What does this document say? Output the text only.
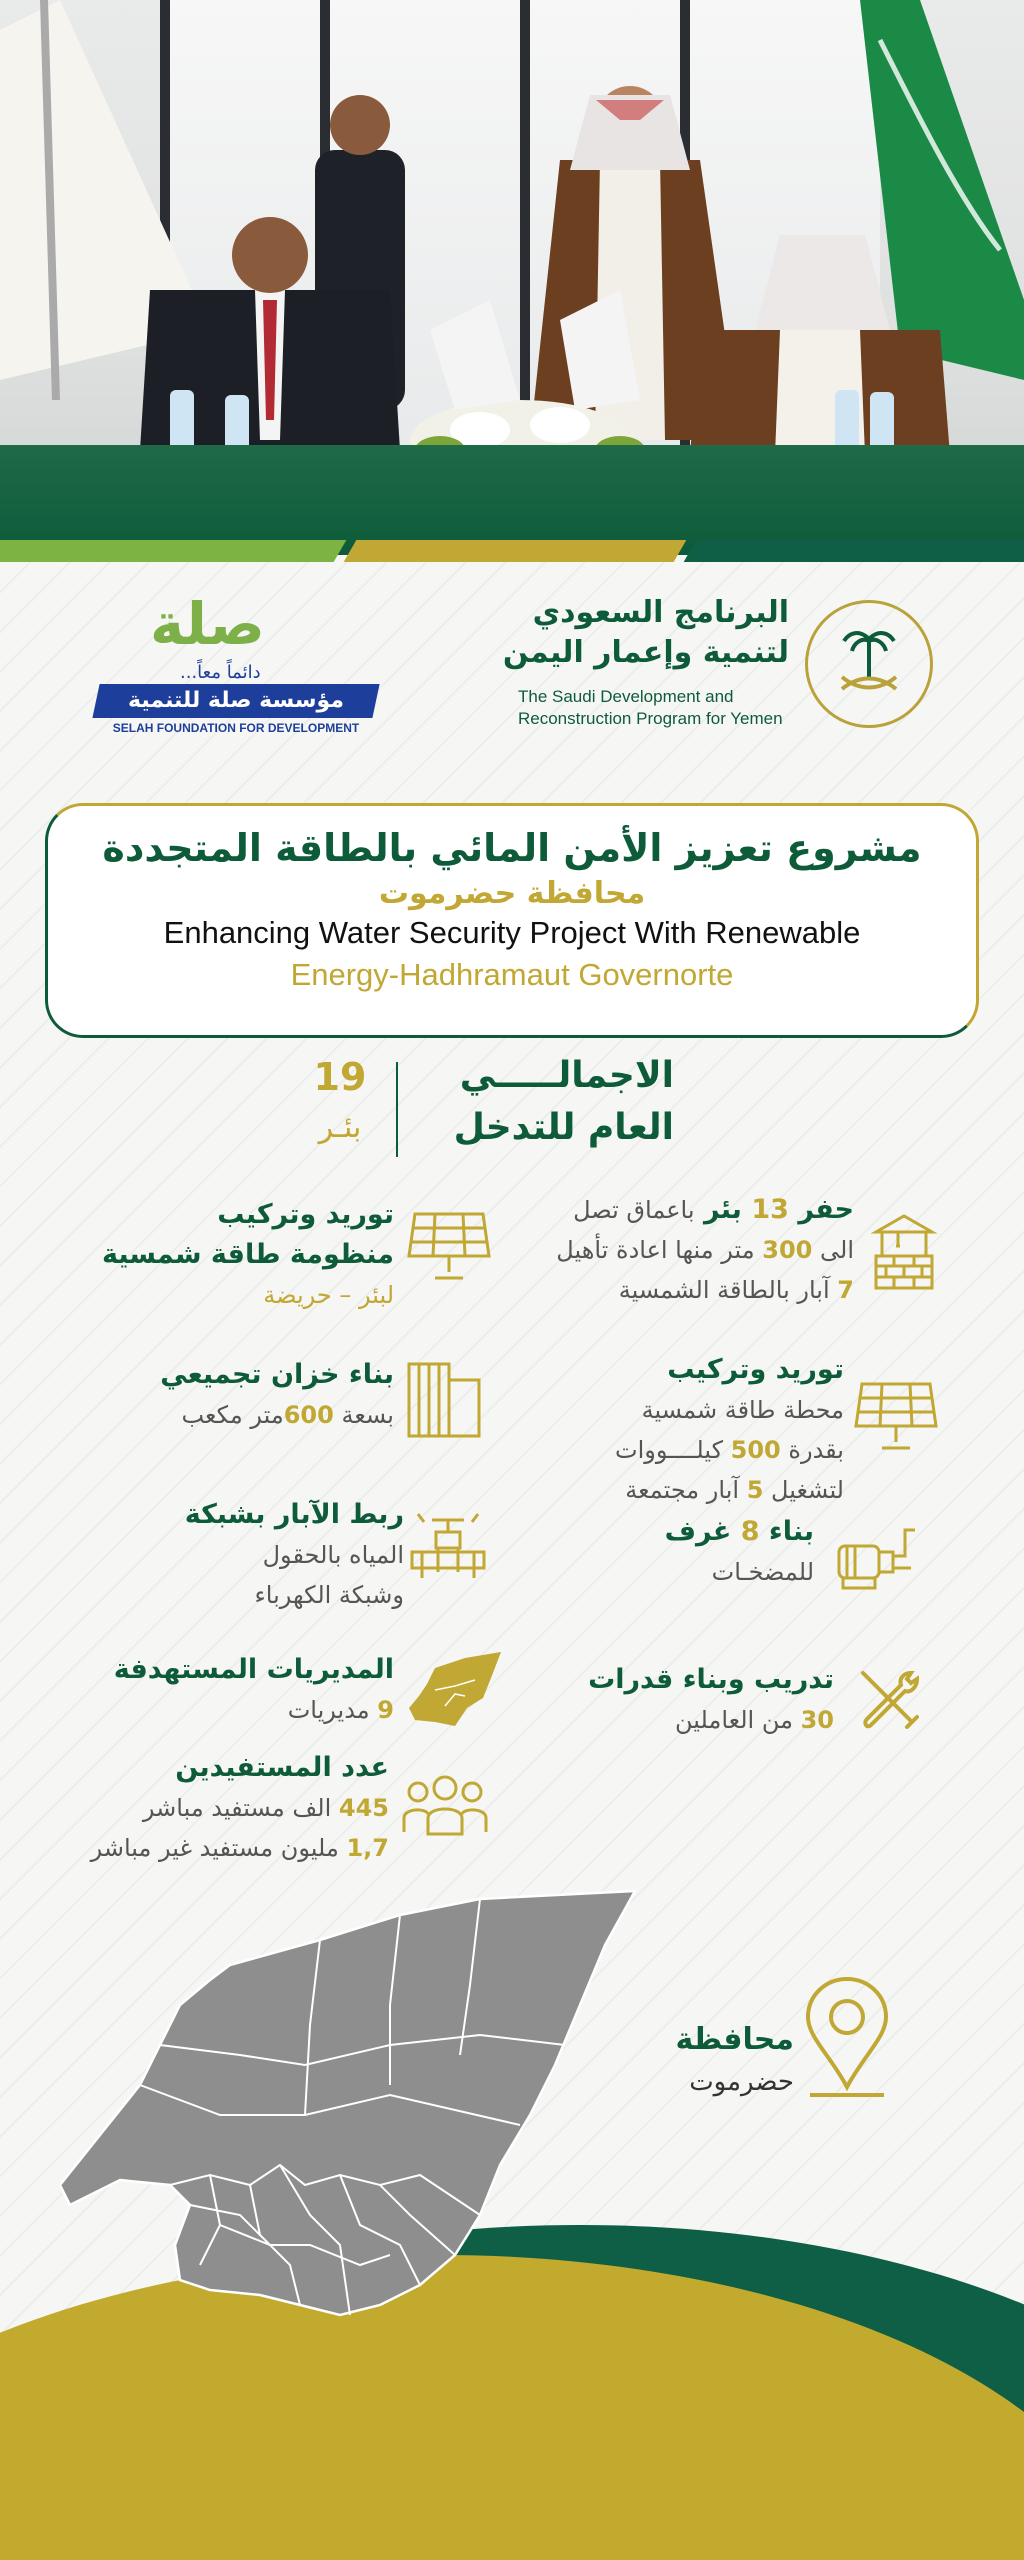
البرنامج السعودي
لتنمية وإعمار اليمن
The Saudi Development and
Reconstruction Program for Yemen
صلة
دائماً معاً...
مؤسسة صلة للتنمية
SELAH FOUNDATION FOR DEVELOPMENT
مشروع تعزيز الأمن المائي بالطاقة المتجددة
محافظة حضرموت
Enhancing Water Security Project With Renewable
Energy-Hadhramaut Governorte
19
بئـر
الاجمالـــــي
العام للتدخل
حفر 13 بئر باعماق تصل
الى 300 متر منها اعادة تأهيل
7 آبار بالطاقة الشمسية
توريد وتركيب
منظومة طاقة شمسية
لبئر – حريضة
توريد وتركيب
محطة طاقة شمسية
بقدرة 500 كيلــــووات
لتشغيل 5 آبار مجتمعة
بناء خزان تجميعي
بسعة 600متر مكعب
ربط الآبار بشبكة
المياه بالحقول
وشبكة الكهرباء
بناء 8 غرف
للمضخـات
المديريات المستهدفة
9 مديريات
تدريب وبناء قدرات
30 من العاملين
عدد المستفيدين
445 الف مستفيد مباشر
1,7 مليون مستفيد غير مباشر
محافظة
حضرموت
